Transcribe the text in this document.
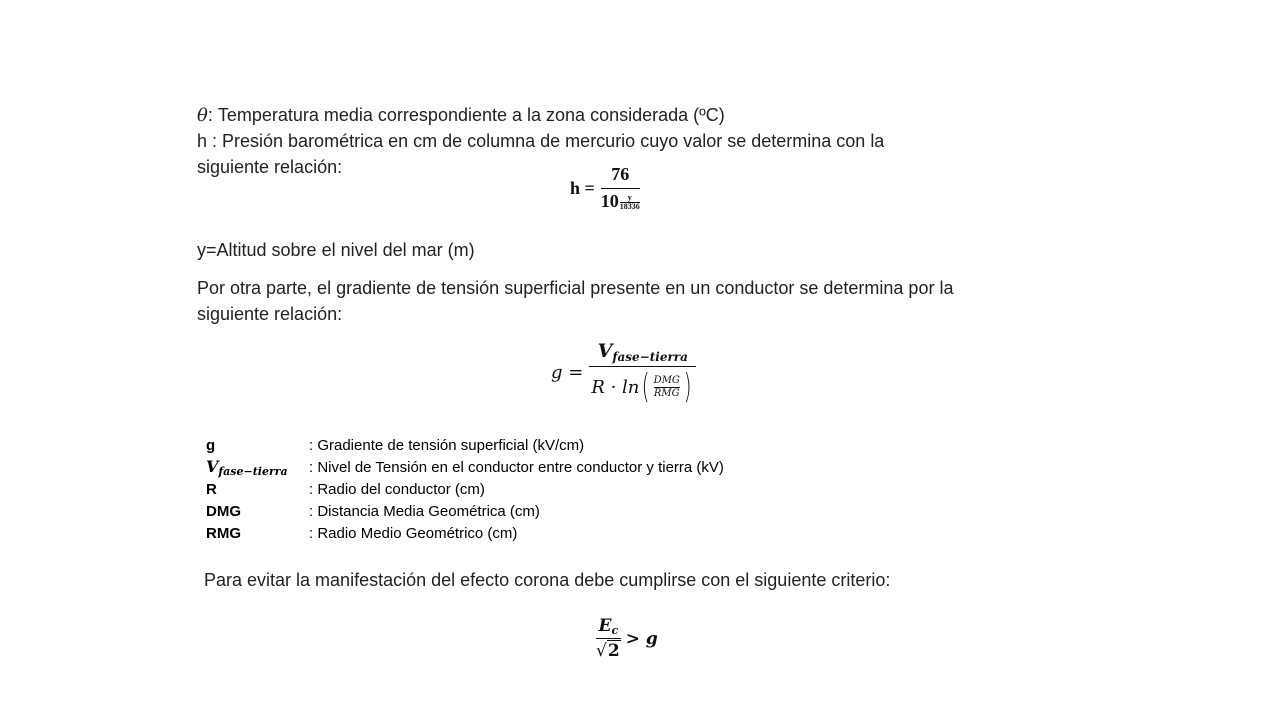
θ: Temperatura media correspondiente a la zona considerada (ºC)

h : Presión barométrica en cm de columna de mercurio cuyo valor se determina con la

siguiente relación:

$h = \frac{76}{10 \frac{y}{18336}}$

y=Altitud sobre el nivel del mar (m)

Por otra parte, el gradiente de tensión superficial presente en un conductor se determina por la

siguiente relación:

$g = V_{fase-tierra}$
R · ln ( DMG
RMG )
g	: Gradiente de tensión superficial (kV/cm)
$V_{fase-tierra}$	: Nivel de Tensión en el conductor entre conductor y tierra (kV)
R	: Radio del conductor (cm)
DMG	: Distancia Media Geométrica (cm)
RMG	: Radio Medio Geométrico (cm)

Para evitar la manifestación del efecto corona debe cumplirse con el siguiente criterio:

$\frac{E_c}{√ 2} > g$
